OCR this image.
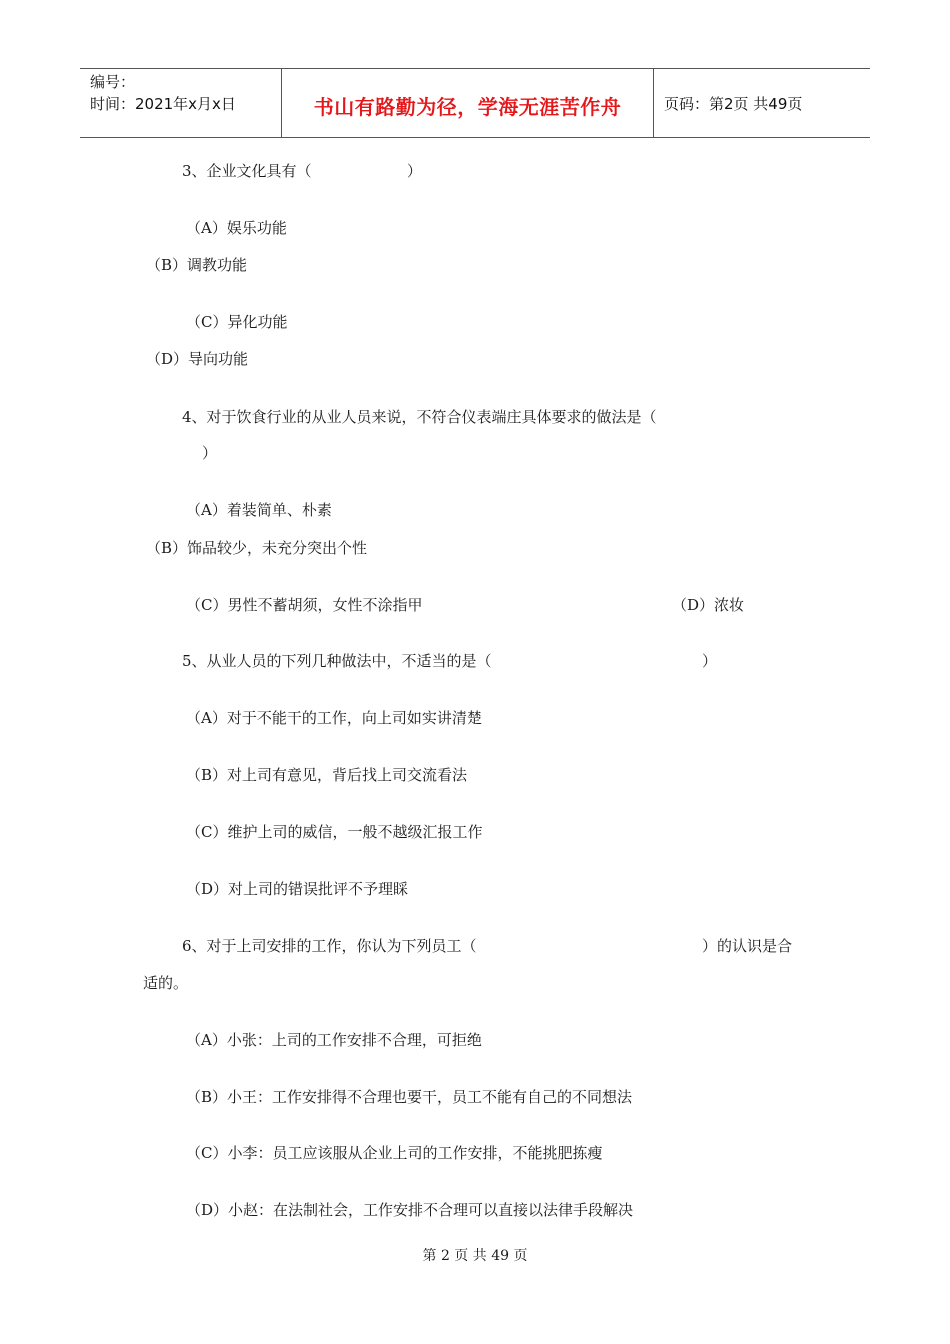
编号：
时间：2021年x月x日	书山有路勤为径，学海无涯苦作舟	页码：第2页 共49页
3、企业文化具有（                    ）
（A）娱乐功能
（B）调教功能
（C）异化功能
（D）导向功能
4、对于饮食行业的从业人员来说，不符合仪表端庄具体要求的做法是（
）
（A）着装简单、朴素
（B）饰品较少，未充分突出个性
（C）男性不蓄胡须，女性不涂指甲	（D）浓妆
5、从业人员的下列几种做法中，不适当的是（	）
（A）对于不能干的工作，向上司如实讲清楚
（B）对上司有意见，背后找上司交流看法
（C）维护上司的威信，一般不越级汇报工作
（D）对上司的错误批评不予理睬
6、对于上司安排的工作，你认为下列员工（	）的认识是合
适的。
（A）小张：上司的工作安排不合理，可拒绝
（B）小王：工作安排得不合理也要干，员工不能有自己的不同想法
（C）小李：员工应该服从企业上司的工作安排，不能挑肥拣瘦
（D）小赵：在法制社会，工作安排不合理可以直接以法律手段解决
第 2 页 共 49 页
